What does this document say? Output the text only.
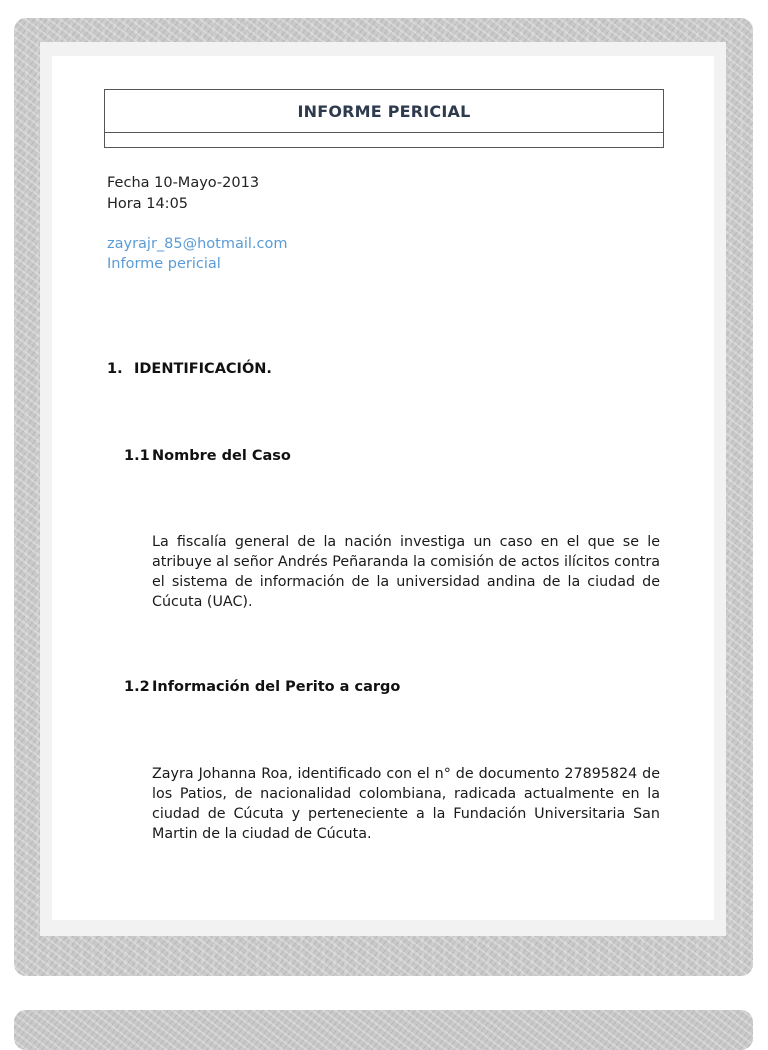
INFORME PERICIAL
Fecha 10-Mayo-2013
Hora 14:05
zayrajr_85@hotmail.com
Informe pericial
1. IDENTIFICACIÓN.
1.1 Nombre del Caso

La fiscalía general de la nación investiga un caso en el que se le atribuye al señor Andrés Peñaranda la comisión de actos ilícitos contra el sistema de información de la universidad andina de la ciudad de Cúcuta (UAC).

1.2 Información del Perito a cargo

Zayra Johanna Roa, identificado con el n° de documento 27895824 de los Patios, de nacionalidad colombiana, radicada actualmente en la ciudad de Cúcuta y perteneciente a la Fundación Universitaria San Martin de la ciudad de Cúcuta.
